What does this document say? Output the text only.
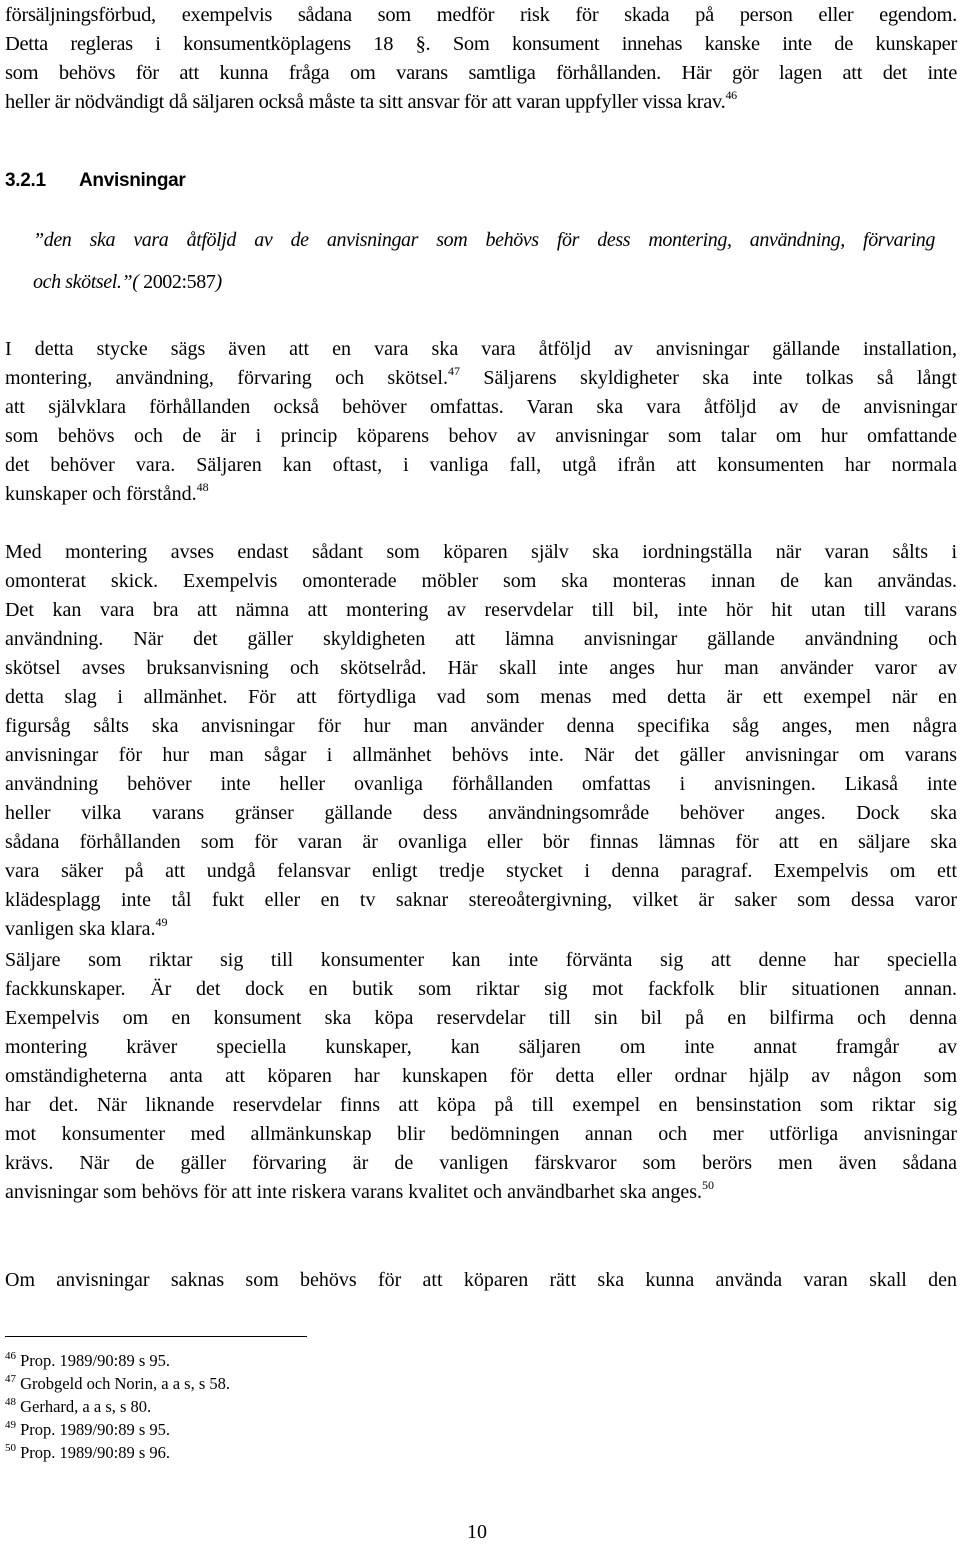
försäljningsförbud, exempelvis sådana som medför risk för skada på person eller egendom.
Detta regleras i konsumentköplagens 18 §. Som konsument innehas kanske inte de kunskaper
som behövs för att kunna fråga om varans samtliga förhållanden. Här gör lagen att det inte
heller är nödvändigt då säljaren också måste ta sitt ansvar för att varan uppfyller vissa krav.$^{46}$
3.2.1 Anvisningar
”den ska vara åtföljd av de anvisningar som behövs för dess montering, användning, förvaring
och skötsel.”( 2002:587)
I detta stycke sägs även att en vara ska vara åtföljd av anvisningar gällande installation,
montering, användning, förvaring och skötsel.$^{47}$ Säljarens skyldigheter ska inte tolkas så långt
att självklara förhållanden också behöver omfattas. Varan ska vara åtföljd av de anvisningar
som behövs och de är i princip köparens behov av anvisningar som talar om hur omfattande
det behöver vara. Säljaren kan oftast, i vanliga fall, utgå ifrån att konsumenten har normala
kunskaper och förstånd.$^{48}$
Med montering avses endast sådant som köparen själv ska iordningställa när varan sålts i
omonterat skick. Exempelvis omonterade möbler som ska monteras innan de kan användas.
Det kan vara bra att nämna att montering av reservdelar till bil, inte hör hit utan till varans
användning. När det gäller skyldigheten att lämna anvisningar gällande användning och
skötsel avses bruksanvisning och skötselråd. Här skall inte anges hur man använder varor av
detta slag i allmänhet. För att förtydliga vad som menas med detta är ett exempel när en
figursåg sålts ska anvisningar för hur man använder denna specifika såg anges, men några
anvisningar för hur man sågar i allmänhet behövs inte. När det gäller anvisningar om varans
användning behöver inte heller ovanliga förhållanden omfattas i anvisningen. Likaså inte
heller vilka varans gränser gällande dess användningsområde behöver anges. Dock ska
sådana förhållanden som för varan är ovanliga eller bör finnas lämnas för att en säljare ska
vara säker på att undgå felansvar enligt tredje stycket i denna paragraf. Exempelvis om ett
klädesplagg inte tål fukt eller en tv saknar stereoåtergivning, vilket är saker som dessa varor
vanligen ska klara.$^{49}$
Säljare som riktar sig till konsumenter kan inte förvänta sig att denne har speciella
fackkunskaper. Är det dock en butik som riktar sig mot fackfolk blir situationen annan.
Exempelvis om en konsument ska köpa reservdelar till sin bil på en bilfirma och denna
montering kräver speciella kunskaper, kan säljaren om inte annat framgår av
omständigheterna anta att köparen har kunskapen för detta eller ordnar hjälp av någon som
har det. När liknande reservdelar finns att köpa på till exempel en bensinstation som riktar sig
mot konsumenter med allmänkunskap blir bedömningen annan och mer utförliga anvisningar
krävs. När de gäller förvaring är de vanligen färskvaror som berörs men även sådana
anvisningar som behövs för att inte riskera varans kvalitet och användbarhet ska anges.$^{50}$
Om anvisningar saknas som behövs för att köparen rätt ska kunna använda varan skall den
$^{46}$ Prop. 1989/90:89 s 95.
$^{47}$ Grobgeld och Norin, a a s, s 58.
$^{48}$ Gerhard, a a s, s 80.
$^{49}$ Prop. 1989/90:89 s 95.
$^{50}$ Prop. 1989/90:89 s 96.
10
